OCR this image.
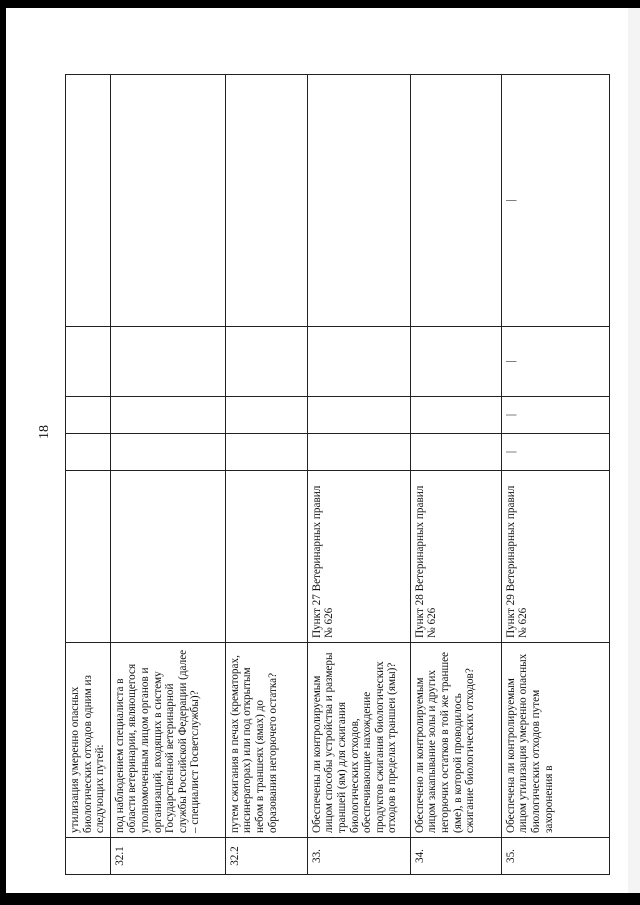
18
	утилизация умеренно опасных биологических отходов одним из следующих путей:					
32.1	под наблюдением специалиста в области ветеринарии, являющегося уполномоченным лицом органов и организаций, входящих в систему Государственной ветеринарной службы Российской Федерации (далее – специалист Госветслужбы)?					
32.2	путем сжигания в печах (крематорах, инсинераторах) или под открытым небом в траншеях (ямах) до образования негорючего остатка?					
33.	Обеспечены ли контролируемым лицом способы устройства и размеры траншей (ям) для сжигания биологических отходов, обеспечивающие нахождение продуктов сжигания биологических отходов в пределах траншеи (ямы)?	Пункт 27 Ветеринарных правил № 626				
34.	Обеспечено ли контролируемым лицом закапывание золы и других негорючих остатков в той же траншее (яме), в которой проводилось сжигание биологических отходов?	Пункт 28 Ветеринарных правил № 626				
35.	Обеспечена ли контролируемым лицом утилизация умеренно опасных биологических отходов путем захоронения в	Пункт 29 Ветеринарных правил № 626	|	|	|	|
